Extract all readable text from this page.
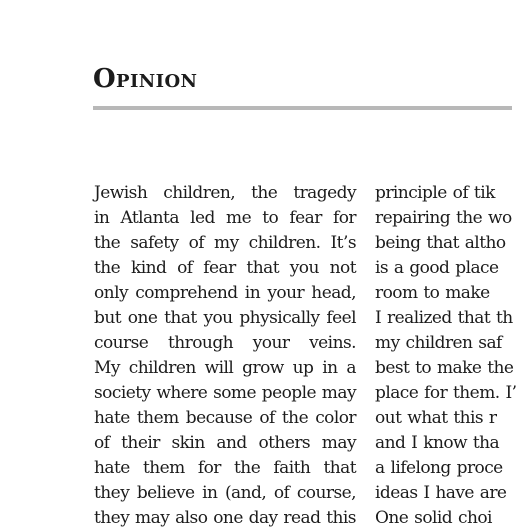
Opinion
Jewish children, the tragedy
in Atlanta led me to fear for
the safety of my children. It’s
the kind of fear that you not
only comprehend in your head,
but one that you physically feel
course through your veins.
My children will grow up in a
society where some people may
hate them because of the color
of their skin and others may
hate them for the faith that
they believe in (and, of course,
they may also one day read this
principle of tik
repairing the wo
being that altho
is a good place
room to make
I realized that th
my children saf
best to make the
place for them. I’
out what this r
and I know tha
a lifelong proce
ideas I have are
One solid choi
